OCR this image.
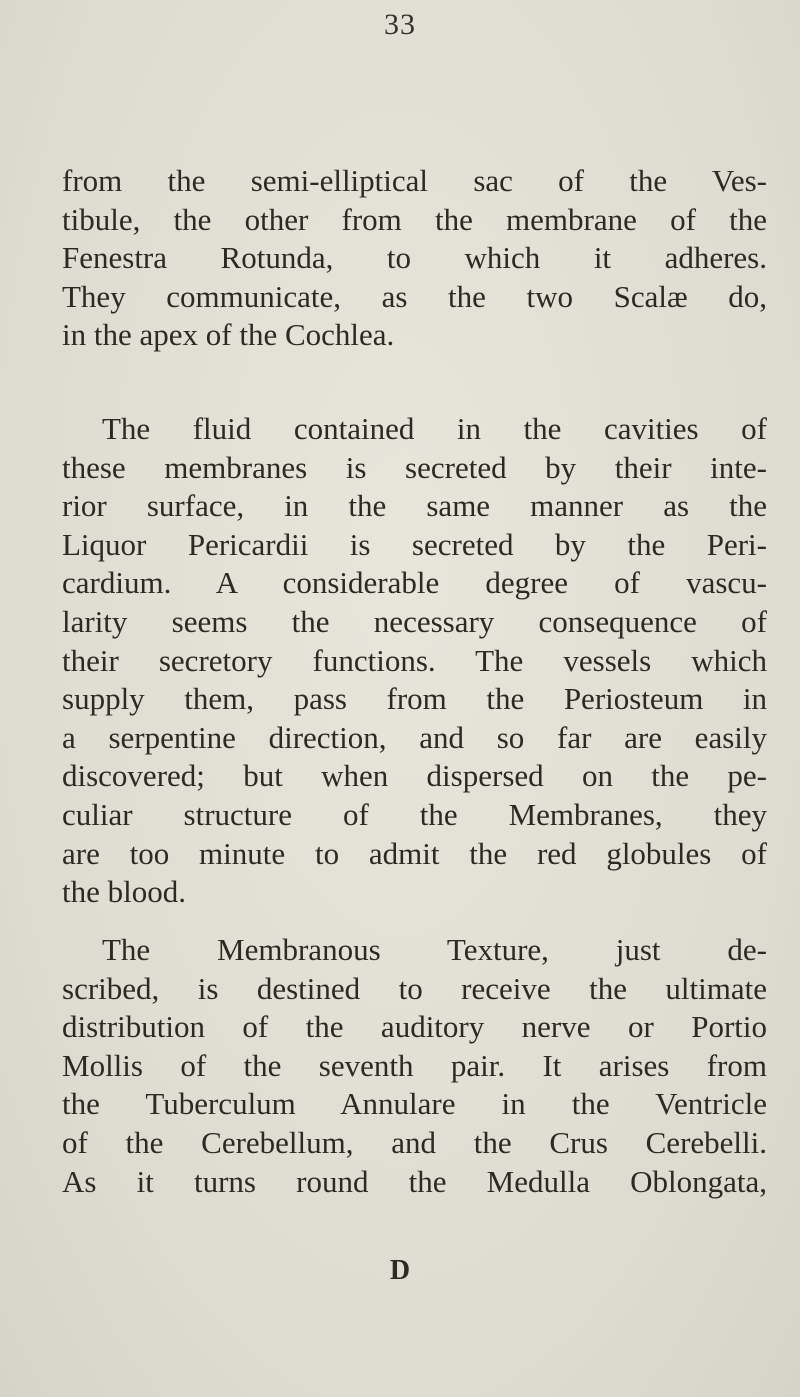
33
from the semi-elliptical sac of the Ves-
tibule, the other from the membrane of the
Fenestra Rotunda, to which it adheres.
They communicate, as the two Scalæ do,
in the apex of the Cochlea.
The fluid contained in the cavities of
these membranes is secreted by their inte-
rior surface, in the same manner as the
Liquor Pericardii is secreted by the Peri-
cardium. A considerable degree of vascu-
larity seems the necessary consequence of
their secretory functions. The vessels which
supply them, pass from the Periosteum in
a serpentine direction, and so far are easily
discovered; but when dispersed on the pe-
culiar structure of the Membranes, they
are too minute to admit the red globules of
the blood.
The Membranous Texture, just de-
scribed, is destined to receive the ultimate
distribution of the auditory nerve or Portio
Mollis of the seventh pair. It arises from
the Tuberculum Annulare in the Ventricle
of the Cerebellum, and the Crus Cerebelli.
As it turns round the Medulla Oblongata,
D
